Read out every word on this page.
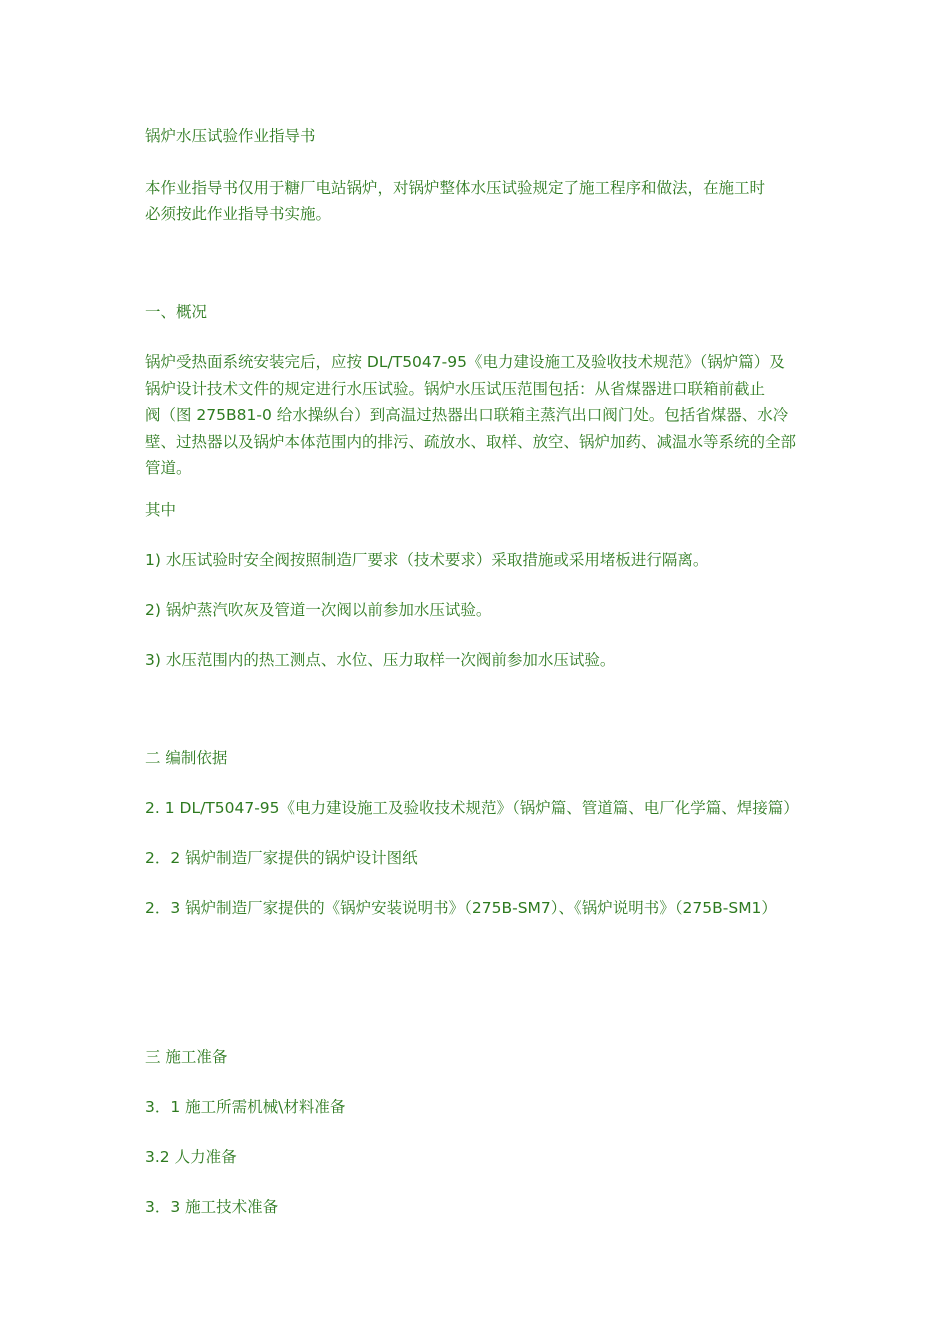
锅炉水压试验作业指导书
本作业指导书仅用于糖厂电站锅炉，对锅炉整体水压试验规定了施工程序和做法，在施工时
必须按此作业指导书实施。
一、概况
锅炉受热面系统安装完后，应按 DL/T5047-95《电力建设施工及验收技术规范》（锅炉篇）及
锅炉设计技术文件的规定进行水压试验。锅炉水压试压范围包括：从省煤器进口联箱前截止
阀（图 275B81-0 给水操纵台）到高温过热器出口联箱主蒸汽出口阀门处。包括省煤器、水冷
壁、过热器以及锅炉本体范围内的排污、疏放水、取样、放空、锅炉加药、减温水等系统的全部
管道。
其中
1) 水压试验时安全阀按照制造厂要求（技术要求）采取措施或采用堵板进行隔离。
2) 锅炉蒸汽吹灰及管道一次阀以前参加水压试验。
3) 水压范围内的热工测点、水位、压力取样一次阀前参加水压试验。
二 编制依据
2. 1 DL/T5047-95《电力建设施工及验收技术规范》（锅炉篇、管道篇、电厂化学篇、焊接篇）
2．2 锅炉制造厂家提供的锅炉设计图纸
2．3 锅炉制造厂家提供的《锅炉安装说明书》（275B-SM7）、《锅炉说明书》（275B-SM1）
三 施工准备
3．1 施工所需机械\材料准备
3.2 人力准备
3．3 施工技术准备
